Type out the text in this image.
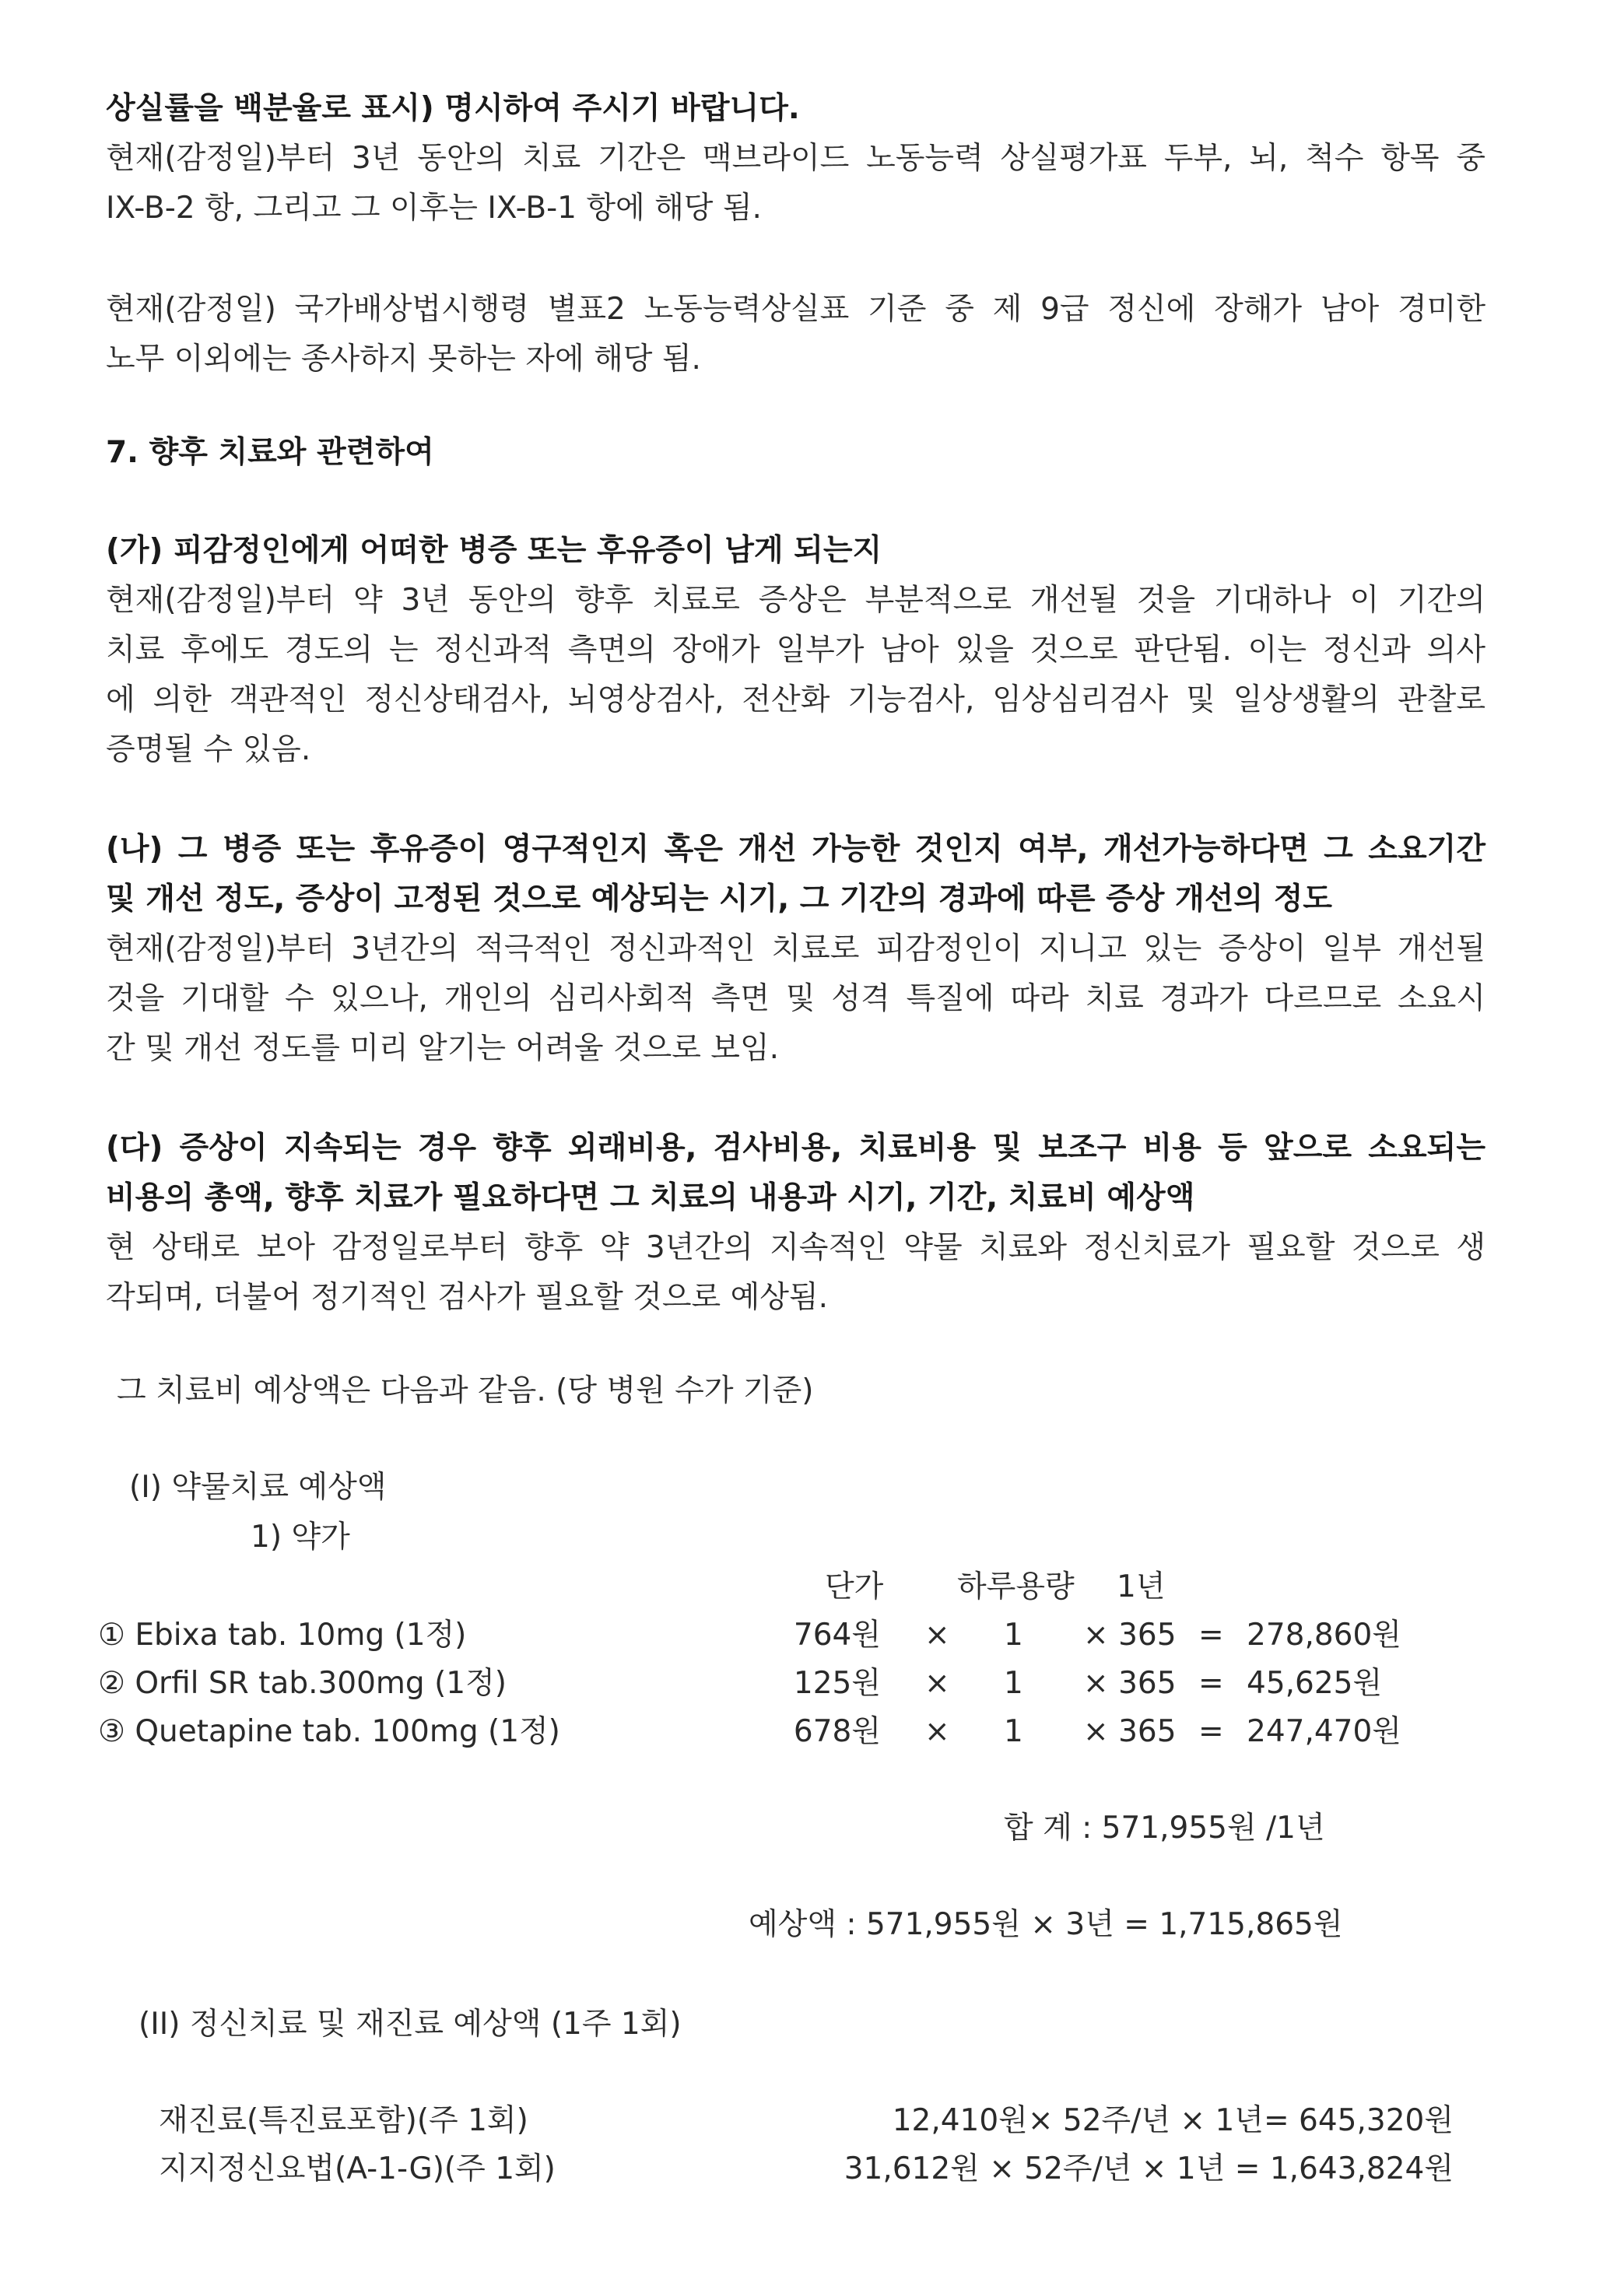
상실률을 백분율로 표시) 명시하여 주시기 바랍니다.
현재(감정일)부터 3년 동안의 치료 기간은 맥브라이드 노동능력 상실평가표 두부, 뇌, 척수 항목 중
IX-B-2 항, 그리고 그 이후는 IX-B-1 항에 해당 됨.
현재(감정일) 국가배상법시행령 별표2 노동능력상실표 기준 중 제 9급 정신에 장해가 남아 경미한
노무 이외에는 종사하지 못하는 자에 해당 됨.
7. 향후 치료와 관련하여
(가) 피감정인에게 어떠한 병증 또는 후유증이 남게 되는지
현재(감정일)부터 약 3년 동안의 향후 치료로 증상은 부분적으로 개선될 것을 기대하나 이 기간의
치료 후에도 경도의 는 정신과적 측면의 장애가 일부가 남아 있을 것으로 판단됨. 이는 정신과 의사
에 의한 객관적인 정신상태검사, 뇌영상검사, 전산화 기능검사, 임상심리검사 및 일상생활의 관찰로
증명될 수 있음.
(나) 그 병증 또는 후유증이 영구적인지 혹은 개선 가능한 것인지 여부, 개선가능하다면 그 소요기간
및 개선 정도, 증상이 고정된 것으로 예상되는 시기, 그 기간의 경과에 따른 증상 개선의 정도
현재(감정일)부터 3년간의 적극적인 정신과적인 치료로 피감정인이 지니고 있는 증상이 일부 개선될
것을 기대할 수 있으나, 개인의 심리사회적 측면 및 성격 특질에 따라 치료 경과가 다르므로 소요시
간 및 개선 정도를 미리 알기는 어려울 것으로 보임.
(다) 증상이 지속되는 경우 향후 외래비용, 검사비용, 치료비용 및 보조구 비용 등 앞으로 소요되는
비용의 총액, 향후 치료가 필요하다면 그 치료의 내용과 시기, 기간, 치료비 예상액
현 상태로 보아 감정일로부터 향후 약 3년간의 지속적인 약물 치료와 정신치료가 필요할 것으로 생
각되며, 더불어 정기적인 검사가 필요할 것으로 예상됨.
그 치료비 예상액은 다음과 같음. (당 병원 수가 기준)
(Ⅰ) 약물치료 예상액
1) 약가
단가 하루용량 1년
① Ebixa tab. 10mg (1정)	764원 × 1 × 365 = 278,860원
② Orfil SR tab.300mg (1정)	125원 × 1 × 365 = 45,625원
③ Quetapine tab. 100mg (1정)	678원 × 1 × 365 = 247,470원
합 계 : 571,955원 /1년
예상액 : 571,955원 × 3년 = 1,715,865원
(II) 정신치료 및 재진료 예상액 (1주 1회)
재진료(특진료포함)(주 1회)	12,410원× 52주/년 × 1년= 645,320원
지지정신요법(A-1-G)(주 1회)	31,612원 × 52주/년 × 1년 = 1,643,824원
